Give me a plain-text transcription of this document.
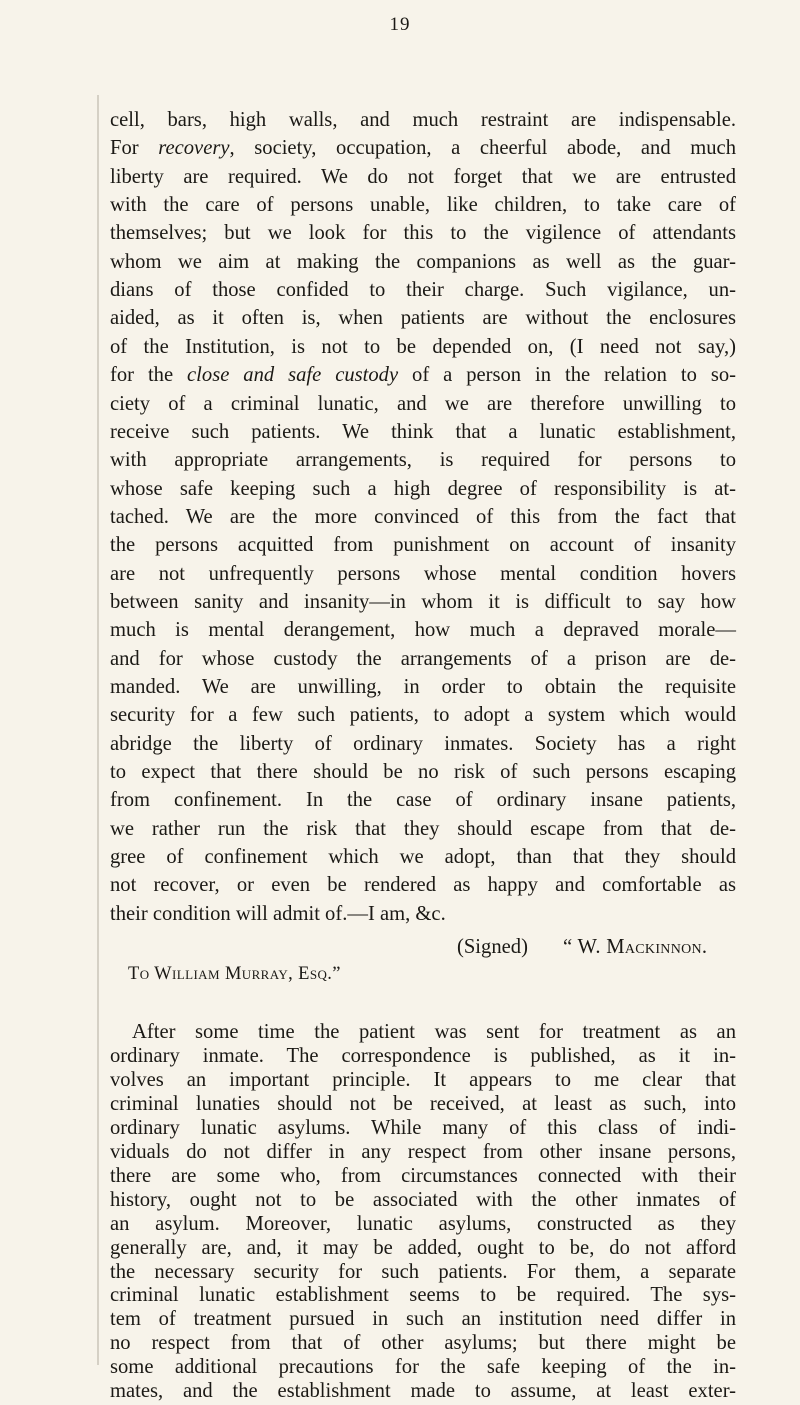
19
cell, bars, high walls, and much restraint are indispensable.
For recovery, society, occupation, a cheerful abode, and much
liberty are required. We do not forget that we are entrusted
with the care of persons unable, like children, to take care of
themselves; but we look for this to the vigilence of attendants
whom we aim at making the companions as well as the guar-
dians of those confided to their charge. Such vigilance, un-
aided, as it often is, when patients are without the enclosures
of the Institution, is not to be depended on, (I need not say,)
for the close and safe custody of a person in the relation to so-
ciety of a criminal lunatic, and we are therefore unwilling to
receive such patients. We think that a lunatic establishment,
with appropriate arrangements, is required for persons to
whose safe keeping such a high degree of responsibility is at-
tached. We are the more convinced of this from the fact that
the persons acquitted from punishment on account of insanity
are not unfrequently persons whose mental condition hovers
between sanity and insanity—in whom it is difficult to say how
much is mental derangement, how much a depraved morale—
and for whose custody the arrangements of a prison are de-
manded. We are unwilling, in order to obtain the requisite
security for a few such patients, to adopt a system which would
abridge the liberty of ordinary inmates. Society has a right
to expect that there should be no risk of such persons escaping
from confinement. In the case of ordinary insane patients,
we rather run the risk that they should escape from that de-
gree of confinement which we adopt, than that they should
not recover, or even be rendered as happy and comfortable as
their condition will admit of.—I am, &c.
(Signed) “ W. Mackinnon.
To William Murray, Esq.”
After some time the patient was sent for treatment as an
ordinary inmate. The correspondence is published, as it in-
volves an important principle. It appears to me clear that
criminal lunaties should not be received, at least as such, into
ordinary lunatic asylums. While many of this class of indi-
viduals do not differ in any respect from other insane persons,
there are some who, from circumstances connected with their
history, ought not to be associated with the other inmates of
an asylum. Moreover, lunatic asylums, constructed as they
generally are, and, it may be added, ought to be, do not afford
the necessary security for such patients. For them, a separate
criminal lunatic establishment seems to be required. The sys-
tem of treatment pursued in such an institution need differ in
no respect from that of other asylums; but there might be
some additional precautions for the safe keeping of the in-
mates, and the establishment made to assume, at least exter-
